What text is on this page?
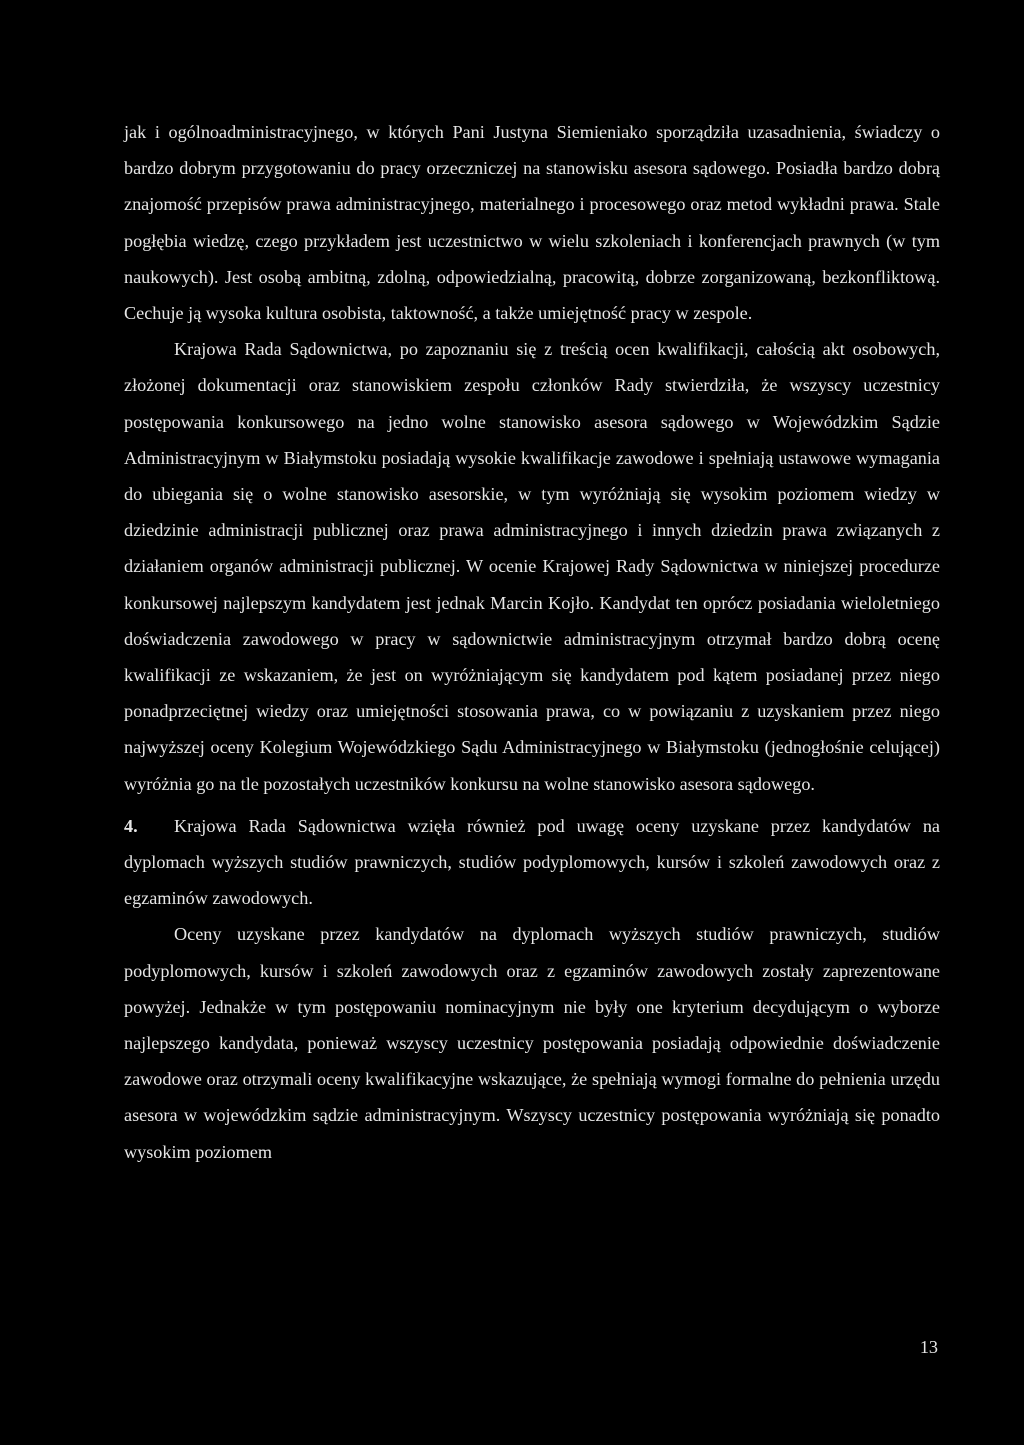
jak i ogólnoadministracyjnego, w których Pani Justyna Siemieniako sporządziła uzasadnienia, świadczy o bardzo dobrym przygotowaniu do pracy orzeczniczej na stanowisku asesora sądowego. Posiadła bardzo dobrą znajomość przepisów prawa administracyjnego, materialnego i procesowego oraz metod wykładni prawa. Stale pogłębia wiedzę, czego przykładem jest uczestnictwo w wielu szkoleniach i konferencjach prawnych (w tym naukowych). Jest osobą ambitną, zdolną, odpowiedzialną, pracowitą, dobrze zorganizowaną, bezkonfliktową. Cechuje ją wysoka kultura osobista, taktowność, a także umiejętność pracy w zespole.

Krajowa Rada Sądownictwa, po zapoznaniu się z treścią ocen kwalifikacji, całością akt osobowych, złożonej dokumentacji oraz stanowiskiem zespołu członków Rady stwierdziła, że wszyscy uczestnicy postępowania konkursowego na jedno wolne stanowisko asesora sądowego w Wojewódzkim Sądzie Administracyjnym w Białymstoku posiadają wysokie kwalifikacje zawodowe i spełniają ustawowe wymagania do ubiegania się o wolne stanowisko asesorskie, w tym wyróżniają się wysokim poziomem wiedzy w dziedzinie administracji publicznej oraz prawa administracyjnego i innych dziedzin prawa związanych z działaniem organów administracji publicznej. W ocenie Krajowej Rady Sądownictwa w niniejszej procedurze konkursowej najlepszym kandydatem jest jednak Marcin Kojło. Kandydat ten oprócz posiadania wieloletniego doświadczenia zawodowego w pracy w sądownictwie administracyjnym otrzymał bardzo dobrą ocenę kwalifikacji ze wskazaniem, że jest on wyróżniającym się kandydatem pod kątem posiadanej przez niego ponadprzeciętnej wiedzy oraz umiejętności stosowania prawa, co w powiązaniu z uzyskaniem przez niego najwyższej oceny Kolegium Wojewódzkiego Sądu Administracyjnego w Białymstoku (jednogłośnie celującej) wyróżnia go na tle pozostałych uczestników konkursu na wolne stanowisko asesora sądowego.

4. Krajowa Rada Sądownictwa wzięła również pod uwagę oceny uzyskane przez kandydatów na dyplomach wyższych studiów prawniczych, studiów podyplomowych, kursów i szkoleń zawodowych oraz z egzaminów zawodowych.

Oceny uzyskane przez kandydatów na dyplomach wyższych studiów prawniczych, studiów podyplomowych, kursów i szkoleń zawodowych oraz z egzaminów zawodowych zostały zaprezentowane powyżej. Jednakże w tym postępowaniu nominacyjnym nie były one kryterium decydującym o wyborze najlepszego kandydata, ponieważ wszyscy uczestnicy postępowania posiadają odpowiednie doświadczenie zawodowe oraz otrzymali oceny kwalifikacyjne wskazujące, że spełniają wymogi formalne do pełnienia urzędu asesora w wojewódzkim sądzie administracyjnym. Wszyscy uczestnicy postępowania wyróżniają się ponadto wysokim poziomem

13
